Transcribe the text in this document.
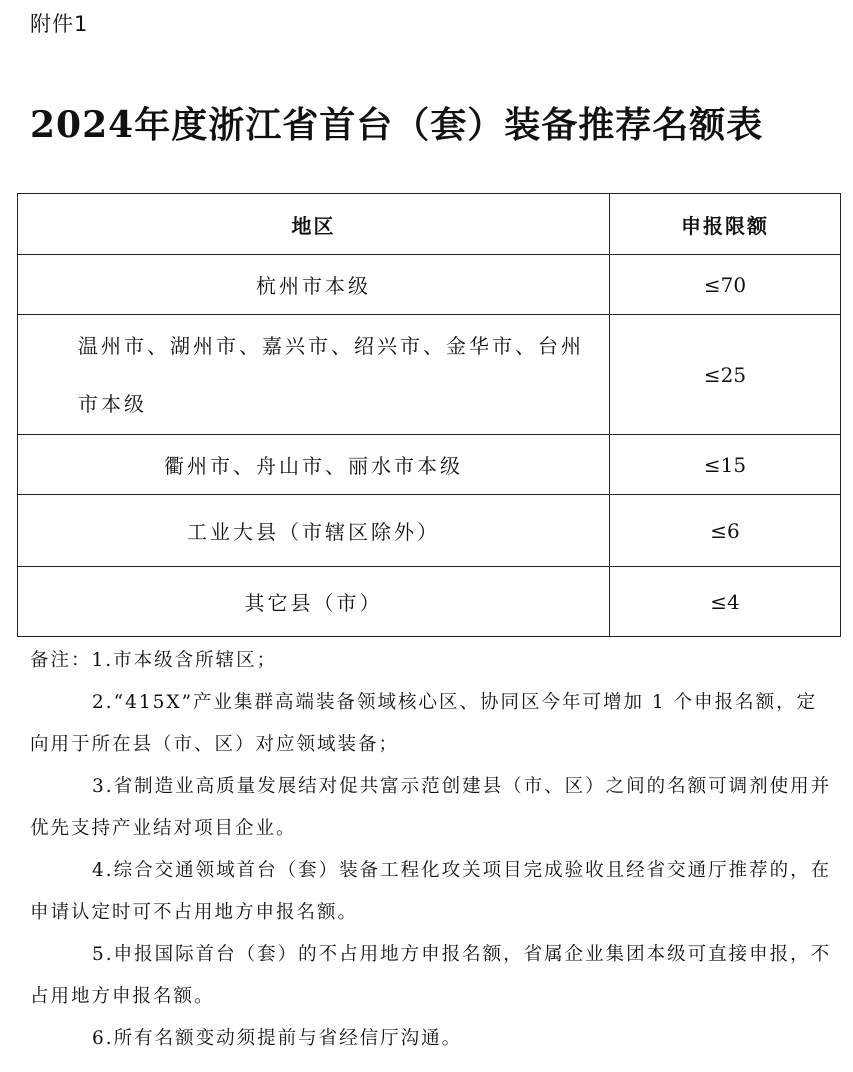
附件1
2024年度浙江省首台（套）装备推荐名额表
地区	申报限额
杭州市本级	≤70
温州市、湖州市、嘉兴市、绍兴市、金华市、台州市本级	≤25
衢州市、舟山市、丽水市本级	≤15
工业大县（市辖区除外）	≤6
其它县（市）	≤4

备注：1.市本级含所辖区；

2.“415X”产业集群高端装备领域核心区、协同区今年可增加 1 个申报名额，定向用于所在县（市、区）对应领域装备；

3.省制造业高质量发展结对促共富示范创建县（市、区）之间的名额可调剂使用并优先支持产业结对项目企业。

4.综合交通领域首台（套）装备工程化攻关项目完成验收且经省交通厅推荐的，在申请认定时可不占用地方申报名额。

5.申报国际首台（套）的不占用地方申报名额，省属企业集团本级可直接申报，不占用地方申报名额。

6.所有名额变动须提前与省经信厅沟通。
